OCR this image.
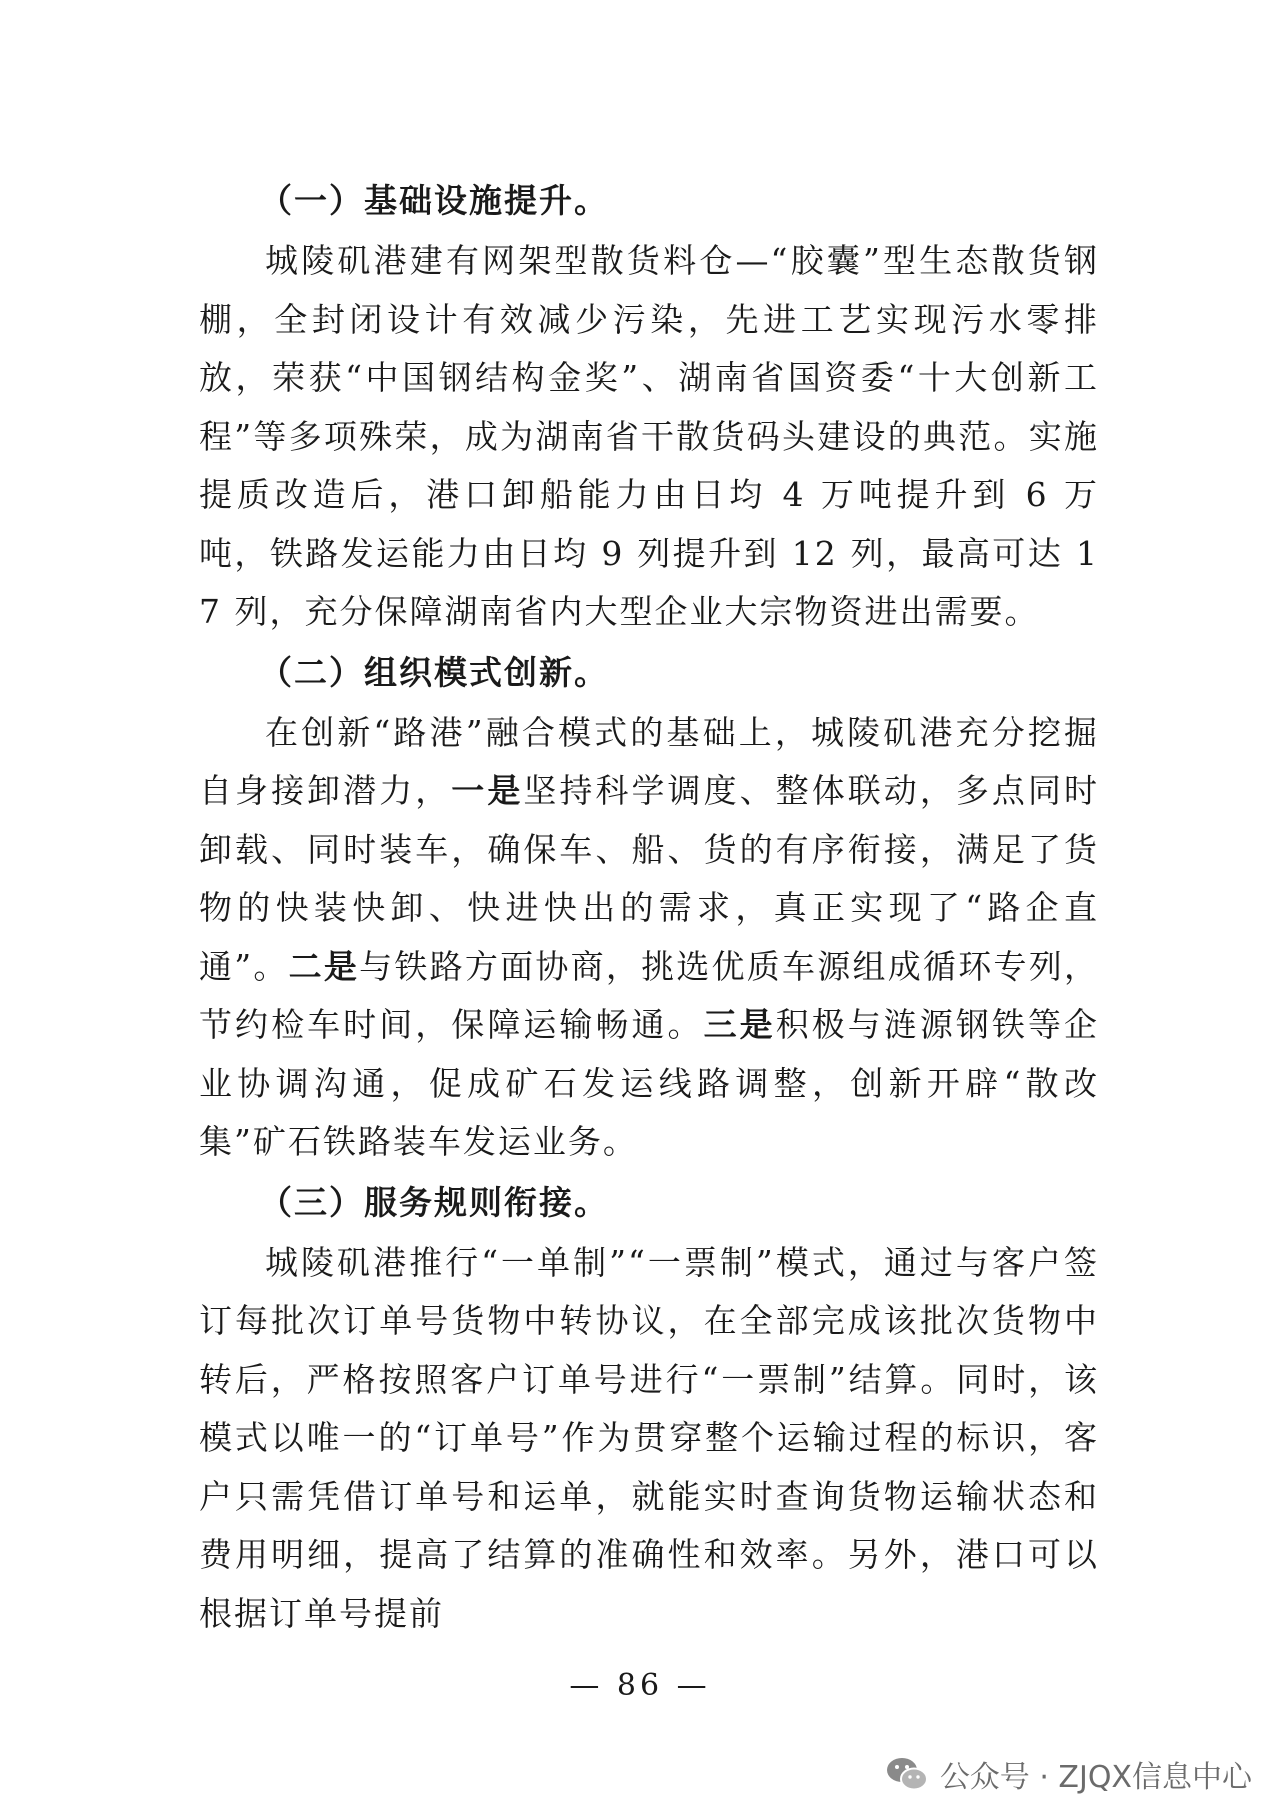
（一）基础设施提升。
城陵矶港建有网架型散货料仓—“胶囊”型生态散货钢棚，全封闭设计有效减少污染，先进工艺实现污水零排放，荣获“中国钢结构金奖”、湖南省国资委“十大创新工程”等多项殊荣，成为湖南省干散货码头建设的典范。实施提质改造后，港口卸船能力由日均 4 万吨提升到 6 万吨，铁路发运能力由日均 9 列提升到 12 列，最高可达 17 列，充分保障湖南省内大型企业大宗物资进出需要。
（二）组织模式创新。
在创新“路港”融合模式的基础上，城陵矶港充分挖掘自身接卸潜力，一是坚持科学调度、整体联动，多点同时卸载、同时装车，确保车、船、货的有序衔接，满足了货物的快装快卸、快进快出的需求，真正实现了“路企直通”。二是与铁路方面协商，挑选优质车源组成循环专列，节约检车时间，保障运输畅通。三是积极与涟源钢铁等企业协调沟通，促成矿石发运线路调整，创新开辟“散改集”矿石铁路装车发运业务。
（三）服务规则衔接。
城陵矶港推行“一单制”“一票制”模式，通过与客户签订每批次订单号货物中转协议，在全部完成该批次货物中转后，严格按照客户订单号进行“一票制”结算。同时，该模式以唯一的“订单号”作为贯穿整个运输过程的标识，客户只需凭借订单号和运单，就能实时查询货物运输状态和费用明细，提高了结算的准确性和效率。另外，港口可以根据订单号提前
— 86 —
公众号 · ZJQX信息中心
